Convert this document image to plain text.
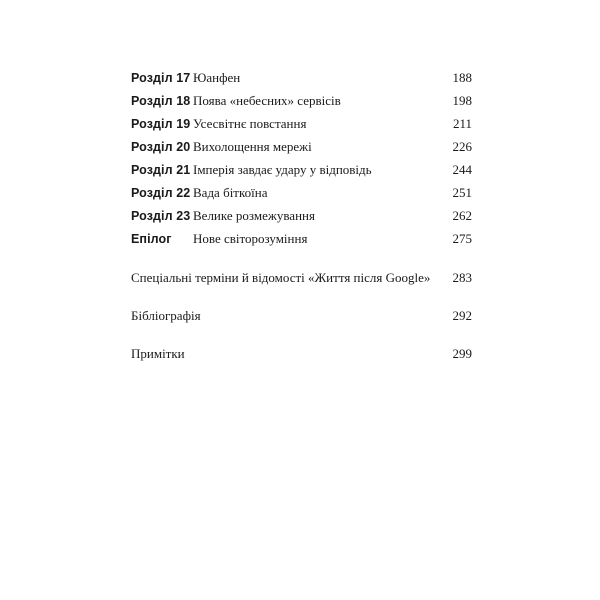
Розділ 17 Юанфен	188
Розділ 18 Поява «небесних» сервісів	198
Розділ 19 Усесвітнє повстання	211
Розділ 20 Вихолощення мережі	226
Розділ 21 Імперія завдає удару у відповідь	244
Розділ 22 Вада біткоїна	251
Розділ 23 Велике розмежування	262
Епілог Нове світорозуміння	275
Спеціальні терміни й відомості «Життя після Google» 283
Бібліографія	292
Примітки	299
